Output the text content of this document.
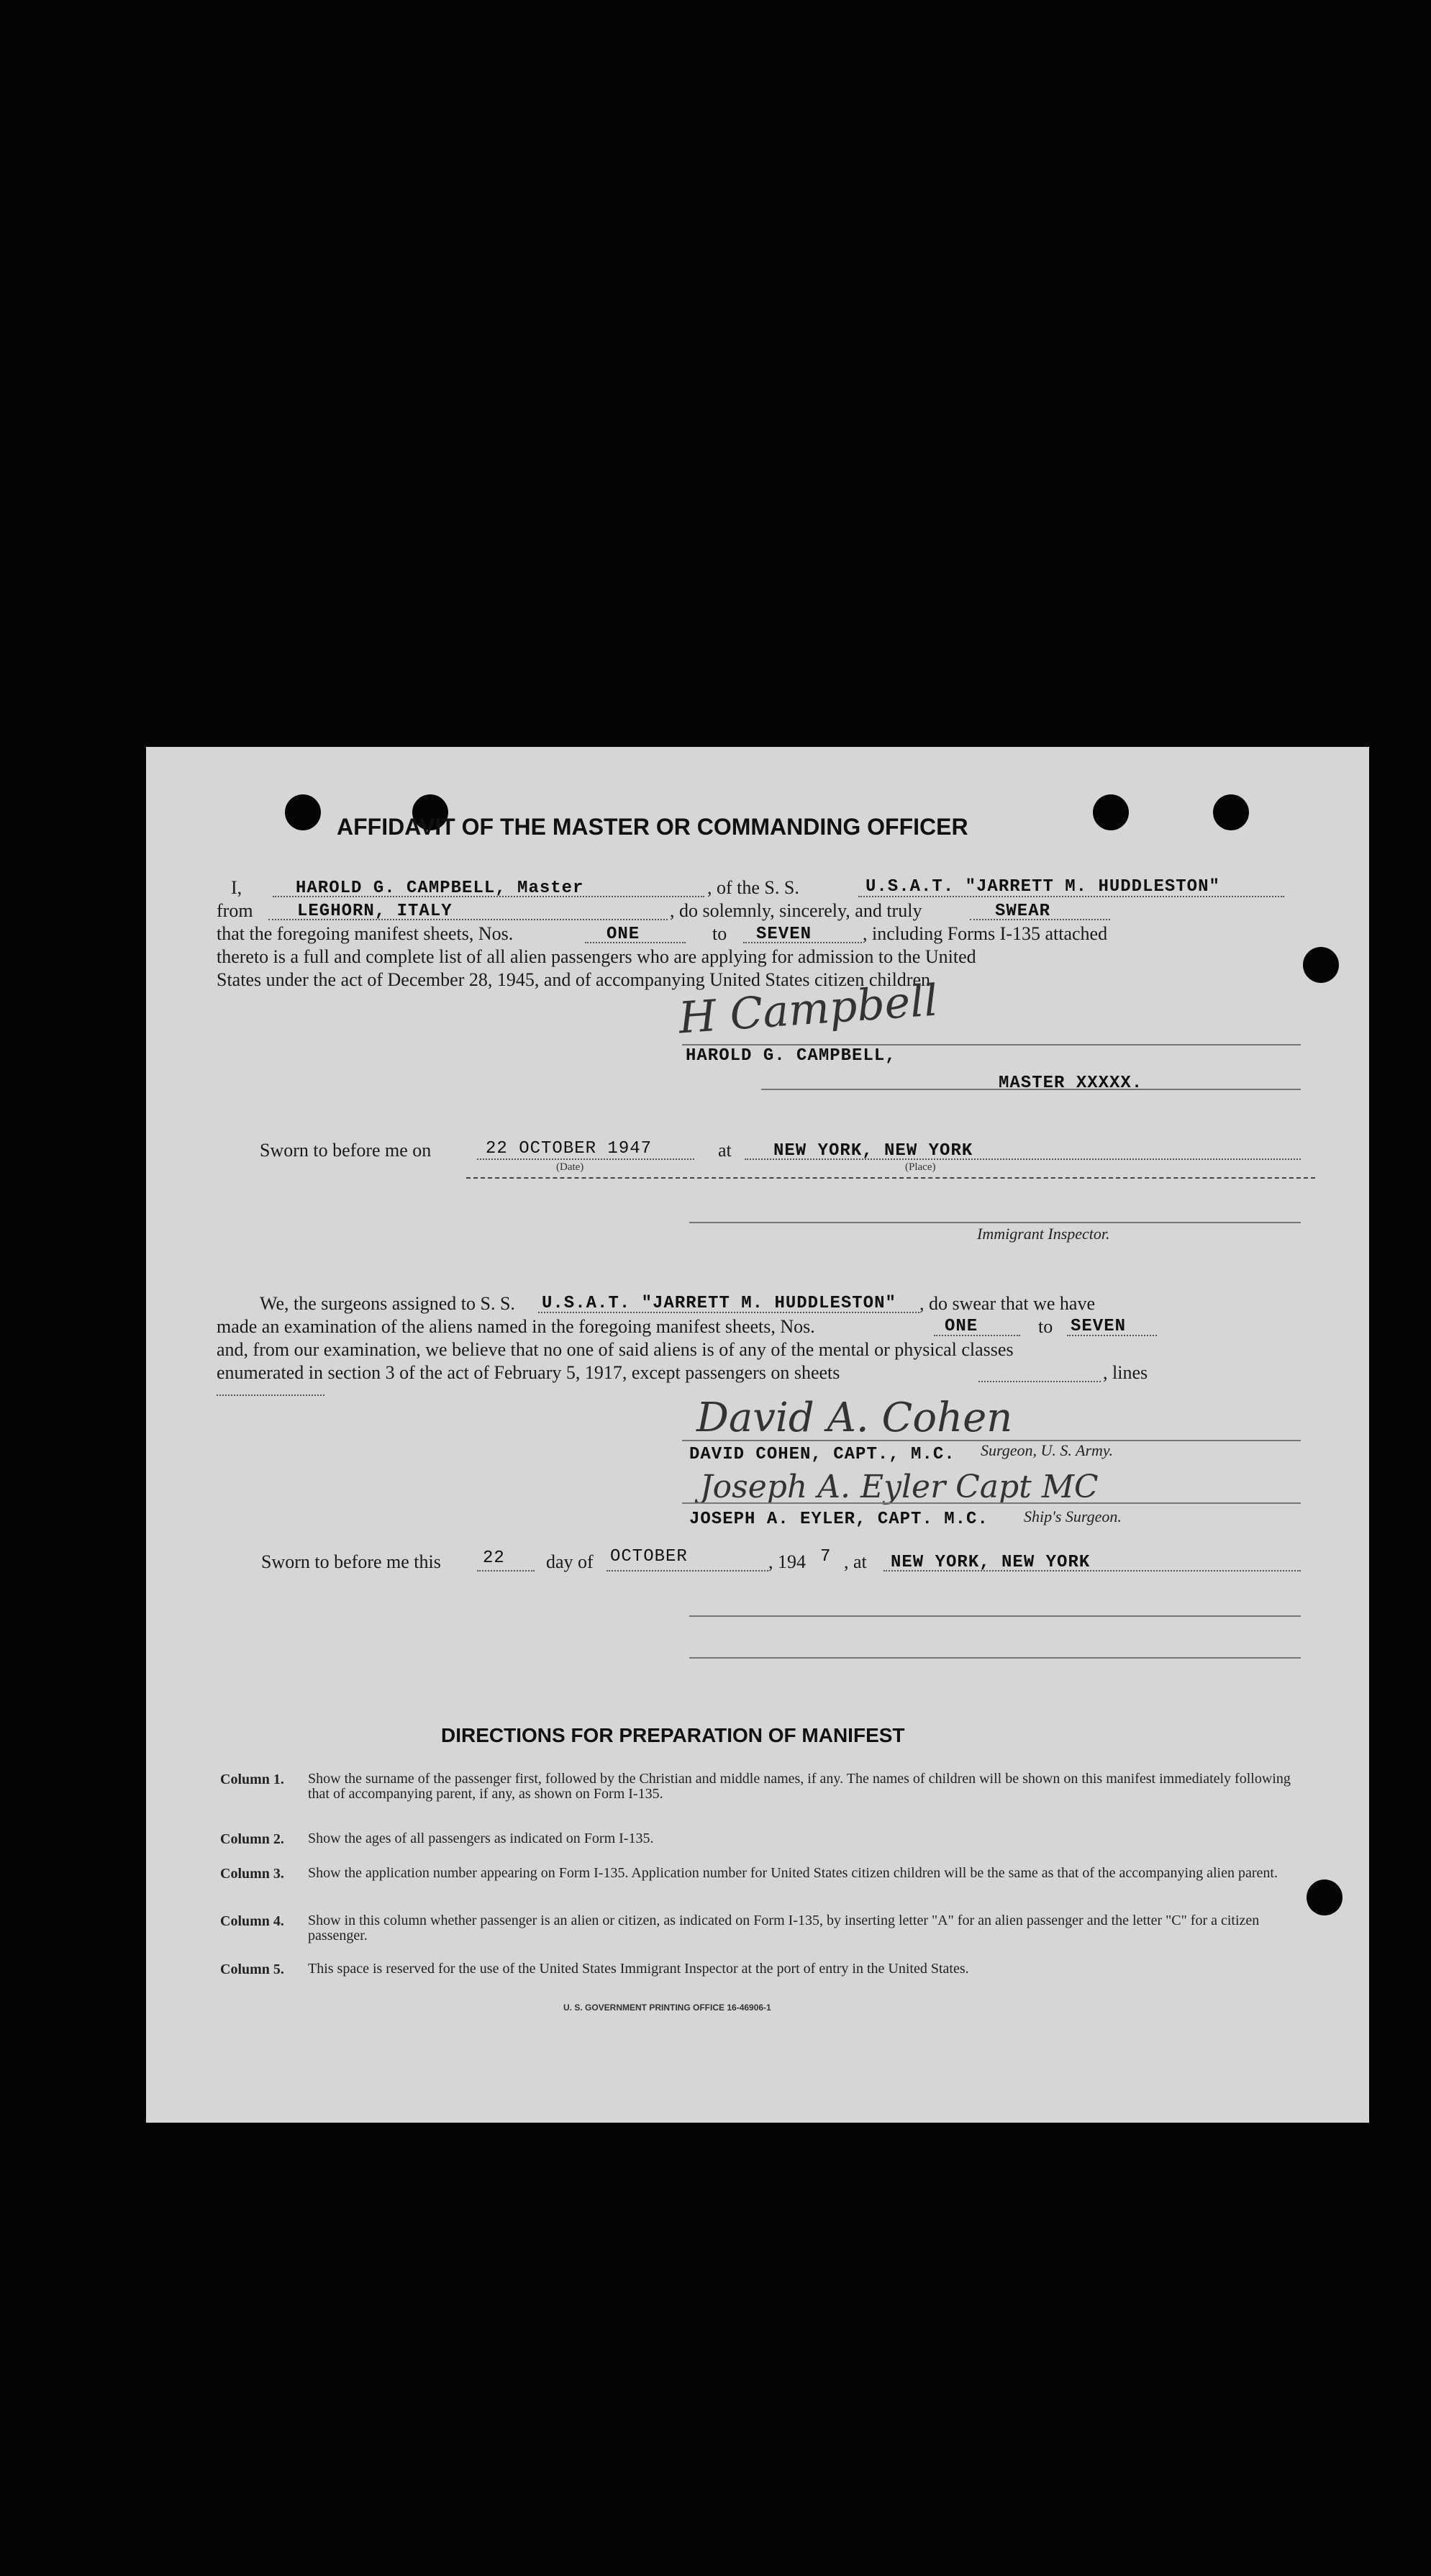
AFFIDAVIT OF THE MASTER OR COMMANDING OFFICER
I,	HAROLD G. CAMPBELL, Master	, of the S. S.	U.S.A.T. "JARRETT M. HUDDLESTON"
from	LEGHORN, ITALY	, do solemnly, sincerely, and truly	SWEAR
that the foregoing manifest sheets, Nos.	ONE	to SEVEN	, including Forms I-135 attached
thereto is a full and complete list of all alien passengers who are applying for admission to the United
States under the act of December 28, 1945, and of accompanying United States citizen children.
H Campbell
HAROLD G. CAMPBELL,
MASTER XXXXX.
Sworn to before me on	22 OCTOBER 1947
(Date)
at NEW YORK, NEW YORK
(Place)
Immigrant Inspector.
We, the surgeons assigned to S. S. U.S.A.T. "JARRETT M. HUDDLESTON" , do swear that we have
made an examination of the aliens named in the foregoing manifest sheets, Nos.	ONE	to SEVEN
and, from our examination, we believe that no one of said aliens is of any of the mental or physical classes
enumerated in section 3 of the act of February 5, 1917, except passengers on sheets	, lines
David A. Cohen
DAVID COHEN, CAPT., M.C. Surgeon, U. S. Army.
Joseph A. Eyler Capt MC
JOSEPH A. EYLER, CAPT. M.C. Ship's Surgeon.
Sworn to before me this 22 day of OCTOBER	, 194 7 , at NEW YORK, NEW YORK
DIRECTIONS FOR PREPARATION OF MANIFEST
Column 1. Show the surname of the passenger first, followed by the Christian and middle names, if any. The names of children will be shown on this manifest immediately following that of accompanying parent, if any, as shown on Form I-135.
Column 2. Show the ages of all passengers as indicated on Form I-135.
Column 3. Show the application number appearing on Form I-135. Application number for United States citizen children will be the same as that of the accompanying alien parent.
Column 4. Show in this column whether passenger is an alien or citizen, as indicated on Form I-135, by inserting letter "A" for an alien passenger and the letter "C" for a citizen passenger.
Column 5. This space is reserved for the use of the United States Immigrant Inspector at the port of entry in the United States.
U. S. GOVERNMENT PRINTING OFFICE 16-46906-1
